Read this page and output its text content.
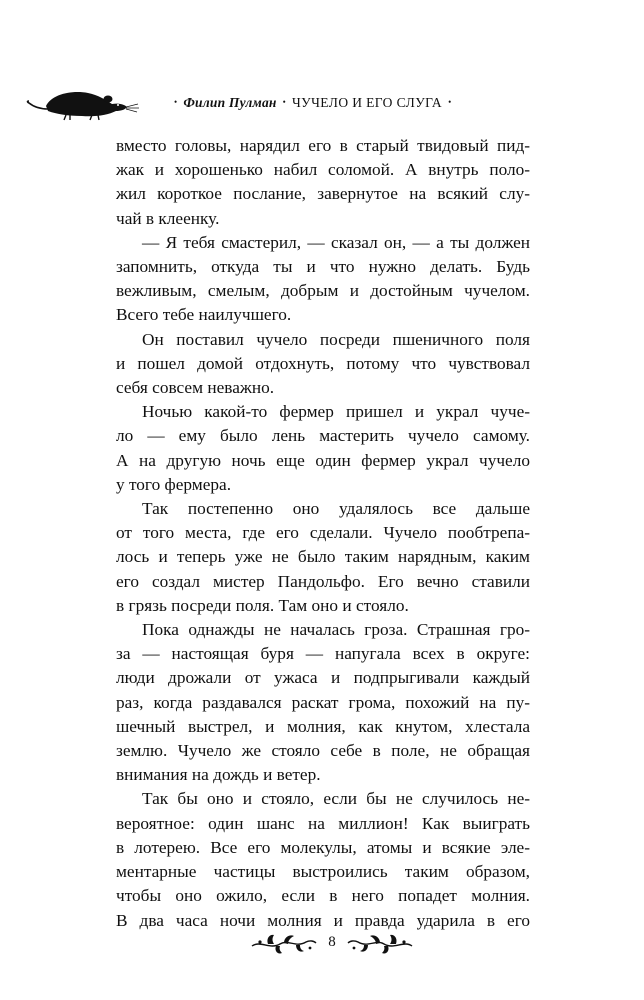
• Филип Пулман • ЧУЧЕЛО И ЕГО СЛУГА •

вместо головы, нарядил его в старый твидовый пид-
жак и хорошенько набил соломой. А внутрь поло-
жил короткое послание, завернутое на всякий слу-
чай в клеенку.

— Я тебя смастерил, — сказал он, — а ты должен
запомнить, откуда ты и что нужно делать. Будь
вежливым, смелым, добрым и достойным чучелом.
Всего тебе наилучшего.

Он поставил чучело посреди пшеничного поля
и пошел домой отдохнуть, потому что чувствовал
себя совсем неважно.

Ночью какой-то фермер пришел и украл чуче-
ло — ему было лень мастерить чучело самому.
А на другую ночь еще один фермер украл чучело
у того фермера.

Так постепенно оно удалялось все дальше
от того места, где его сделали. Чучело пообтрепа-
лось и теперь уже не было таким нарядным, каким
его создал мистер Пандольфо. Его вечно ставили
в грязь посреди поля. Там оно и стояло.

Пока однажды не началась гроза. Страшная гро-
за — настоящая буря — напугала всех в округе:
люди дрожали от ужаса и подпрыгивали каждый
раз, когда раздавался раскат грома, похожий на пу-
шечный выстрел, и молния, как кнутом, хлестала
землю. Чучело же стояло себе в поле, не обращая
внимания на дождь и ветер.

Так бы оно и стояло, если бы не случилось не-
вероятное: один шанс на миллион! Как выиграть
в лотерею. Все его молекулы, атомы и всякие эле-
ментарные частицы выстроились таким образом,
чтобы оно ожило, если в него попадет молния.
В два часа ночи молния и правда ударила в его

8
